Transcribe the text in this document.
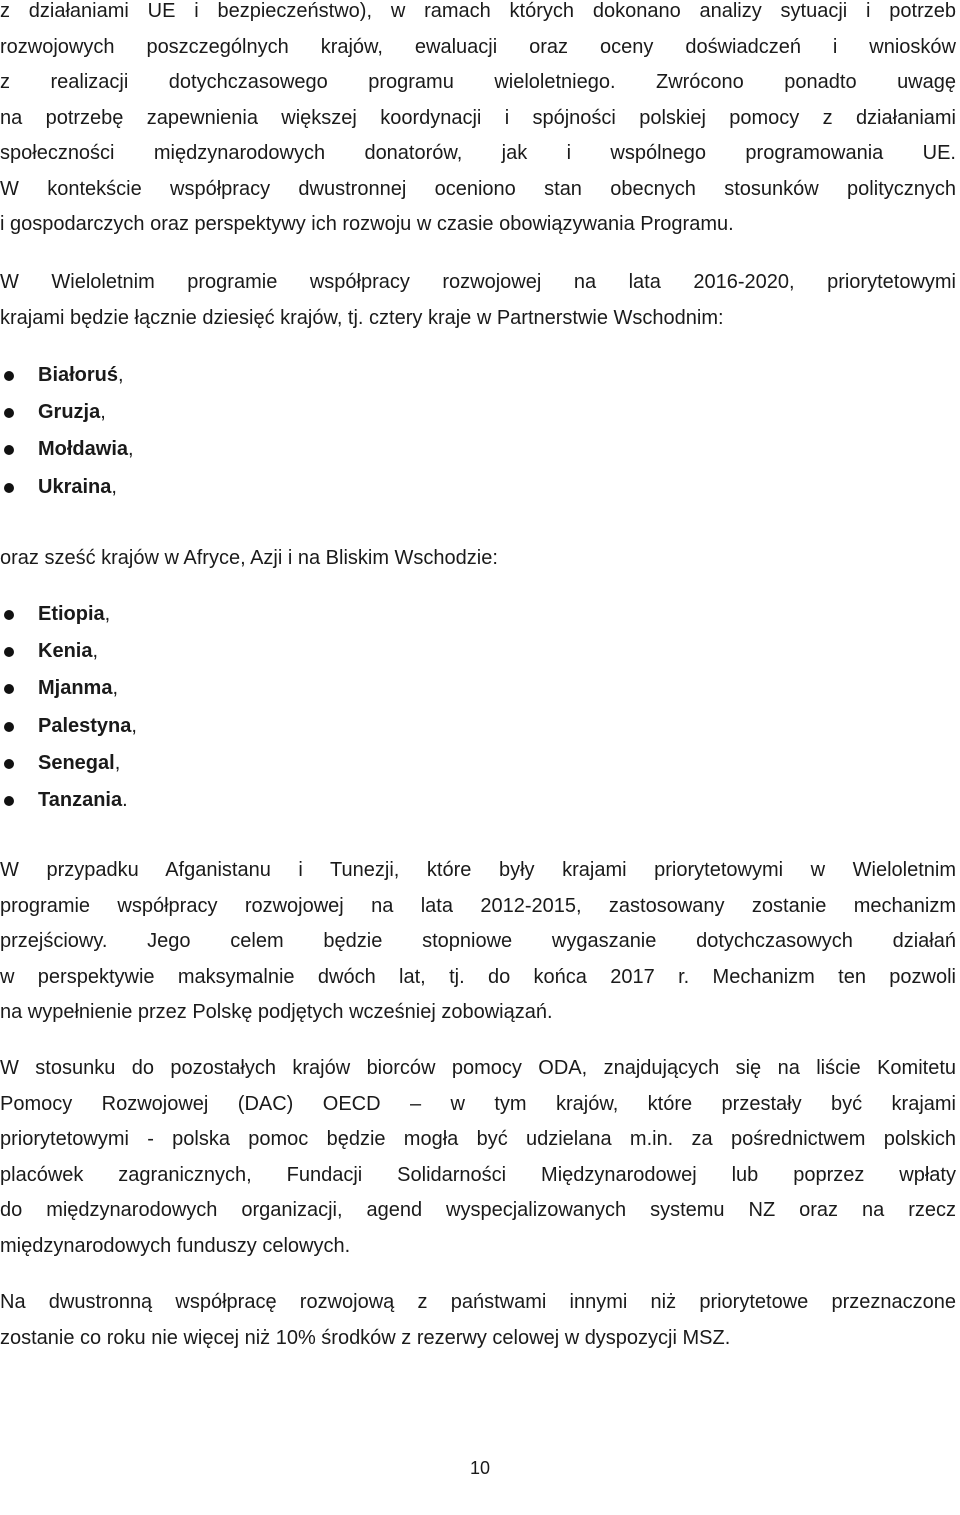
z działaniami UE i bezpieczeństwo), w ramach których dokonano analizy sytuacji i potrzeb
rozwojowych poszczególnych krajów, ewaluacji oraz oceny doświadczeń i wniosków
z realizacji dotychczasowego programu wieloletniego. Zwrócono ponadto uwagę
na potrzebę zapewnienia większej koordynacji i spójności polskiej pomocy z działaniami
społeczności międzynarodowych donatorów, jak i wspólnego programowania UE.
W kontekście współpracy dwustronnej oceniono stan obecnych stosunków politycznych
i gospodarczych oraz perspektywy ich rozwoju w czasie obowiązywania Programu.

W Wieloletnim programie współpracy rozwojowej na lata 2016-2020, priorytetowymi
krajami będzie łącznie dziesięć krajów, tj. cztery kraje w Partnerstwie Wschodnim:

Białoruś,
Gruzja,
Mołdawia,
Ukraina,

oraz sześć krajów w Afryce, Azji i na Bliskim Wschodzie:

Etiopia,
Kenia,
Mjanma,
Palestyna,
Senegal,
Tanzania.

W przypadku Afganistanu i Tunezji, które były krajami priorytetowymi w Wieloletnim
programie współpracy rozwojowej na lata 2012-2015, zastosowany zostanie mechanizm
przejściowy. Jego celem będzie stopniowe wygaszanie dotychczasowych działań
w perspektywie maksymalnie dwóch lat, tj. do końca 2017 r. Mechanizm ten pozwoli
na wypełnienie przez Polskę podjętych wcześniej zobowiązań.

W stosunku do pozostałych krajów biorców pomocy ODA, znajdujących się na liście Komitetu
Pomocy Rozwojowej (DAC) OECD – w tym krajów, które przestały być krajami
priorytetowymi - polska pomoc będzie mogła być udzielana m.in. za pośrednictwem polskich
placówek zagranicznych, Fundacji Solidarności Międzynarodowej lub poprzez wpłaty
do międzynarodowych organizacji, agend wyspecjalizowanych systemu NZ oraz na rzecz
międzynarodowych funduszy celowych.

Na dwustronną współpracę rozwojową z państwami innymi niż priorytetowe przeznaczone
zostanie co roku nie więcej niż 10% środków z rezerwy celowej w dyspozycji MSZ.

10
